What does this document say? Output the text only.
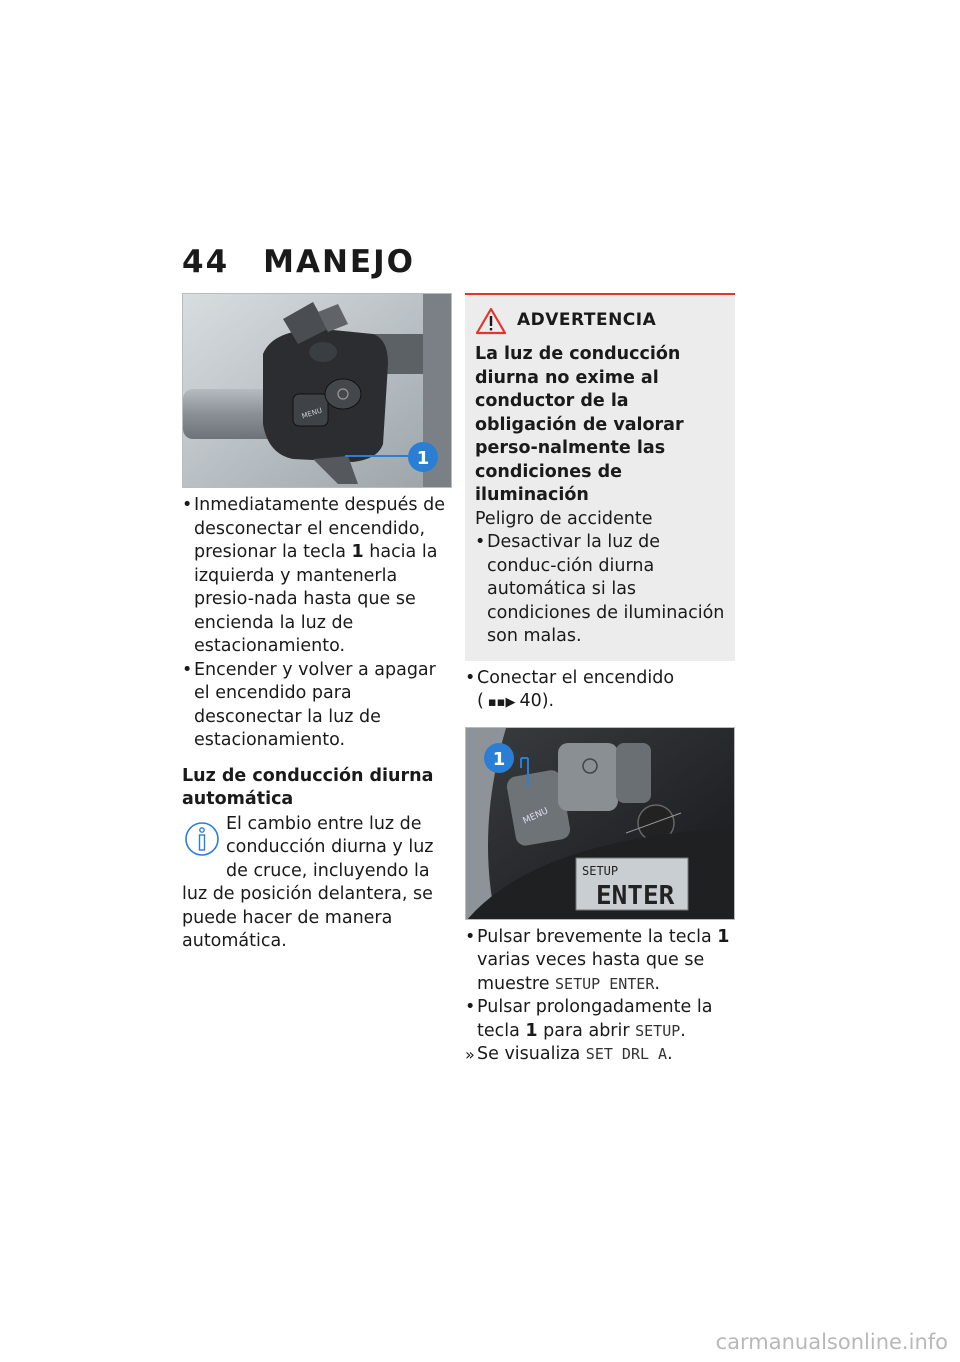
44 MANEJO
MENU
1
• Inmediatamente después de desconectar el encendido, presionar la tecla 1 hacia la izquierda y mantenerla presio-nada hasta que se encienda la luz de estacionamiento.
• Encender y volver a apagar el encendido para desconectar la luz de estacionamiento.
Luz de conducción diurna automática
El cambio entre luz de conducción diurna y luz de cruce, incluyendo la luz de posición delantera, se puede hacer de manera automática.
ADVERTENCIA
La luz de conducción diurna no exime al conductor de la obligación de valorar perso-nalmente las condiciones de iluminación
Peligro de accidente
• Desactivar la luz de conduc-ción diurna automática si las condiciones de iluminación son malas.
• Conectar el encendido
( ▪▪▶ 40).
MENU
SETUP
ENTER
1
• Pulsar brevemente la tecla 1 varias veces hasta que se muestre SETUP ENTER.
• Pulsar prolongadamente la tecla 1 para abrir SETUP.
» Se visualiza SET DRL A.
carmanualsonline.info
